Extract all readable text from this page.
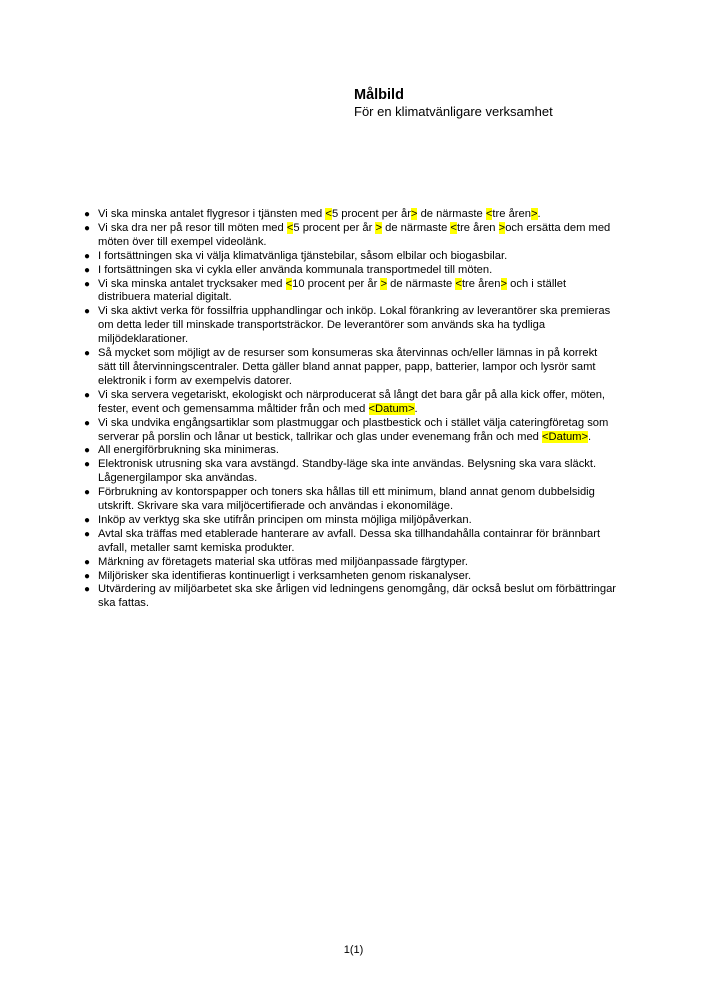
Målbild

För en klimatvänligare verksamhet

● Vi ska minska antalet flygresor i tjänsten med <5 procent per år> de närmaste <tre åren>.
● Vi ska dra ner på resor till möten med <5 procent per år > de närmaste <tre åren >och ersätta dem med möten över till exempel videolänk.
● I fortsättningen ska vi välja klimatvänliga tjänstebilar, såsom elbilar och biogasbilar.
● I fortsättningen ska vi cykla eller använda kommunala transportmedel till möten.
● Vi ska minska antalet trycksaker med <10 procent per år > de närmaste <tre åren> och i stället distribuera material digitalt.
● Vi ska aktivt verka för fossilfria upphandlingar och inköp. Lokal förankring av leverantörer ska premieras om detta leder till minskade transportsträckor. De leverantörer som används ska ha tydliga miljödeklarationer.
● Så mycket som möjligt av de resurser som konsumeras ska återvinnas och/eller lämnas in på korrekt sätt till återvinningscentraler. Detta gäller bland annat papper, papp, batterier, lampor och lysrör samt elektronik i form av exempelvis datorer.
● Vi ska servera vegetariskt, ekologiskt och närproducerat så långt det bara går på alla kick offer, möten, fester, event och gemensamma måltider från och med <Datum>.
● Vi ska undvika engångsartiklar som plastmuggar och plastbestick och i stället välja cateringföretag som serverar på porslin och lånar ut bestick, tallrikar och glas under evenemang från och med <Datum>.
● All energiförbrukning ska minimeras.
● Elektronisk utrusning ska vara avstängd. Standby-läge ska inte användas. Belysning ska vara släckt. Lågenergilampor ska användas.
● Förbrukning av kontorspapper och toners ska hållas till ett minimum, bland annat genom dubbelsidig utskrift. Skrivare ska vara miljöcertifierade och användas i ekonomiläge.
● Inköp av verktyg ska ske utifrån principen om minsta möjliga miljöpåverkan.
● Avtal ska träffas med etablerade hanterare av avfall. Dessa ska tillhandahålla containrar för brännbart avfall, metaller samt kemiska produkter.
● Märkning av företagets material ska utföras med miljöanpassade färgtyper.
● Miljörisker ska identifieras kontinuerligt i verksamheten genom riskanalyser.
● Utvärdering av miljöarbetet ska ske årligen vid ledningens genomgång, där också beslut om förbättringar ska fattas.
1(1)
